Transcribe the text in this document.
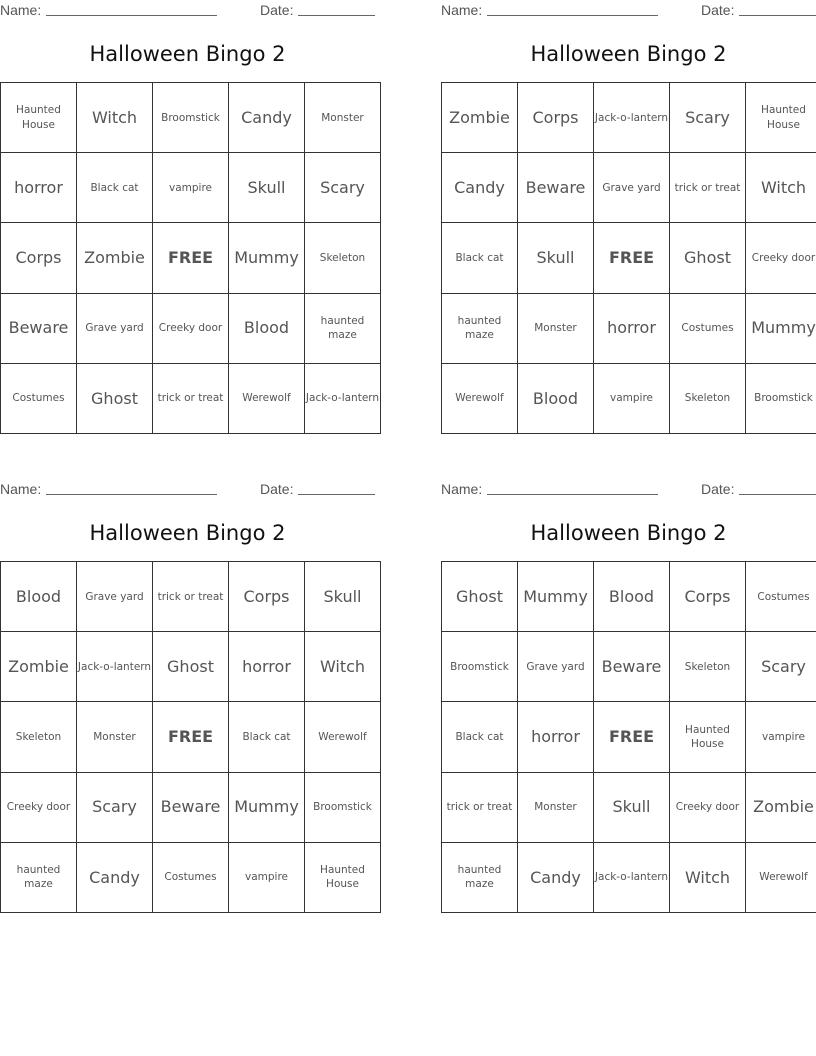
Name:	Date:
Halloween Bingo 2
Haunted House	Witch	Broomstick	Candy	Monster
horror	Black cat	vampire	Skull	Scary
Corps	Zombie	FREE	Mummy	Skeleton
Beware	Grave yard	Creeky door	Blood	haunted maze
Costumes	Ghost	trick or treat	Werewolf	Jack-o-lantern
Name:	Date:
Halloween Bingo 2
Zombie	Corps	Jack-o-lantern	Scary	Haunted House
Candy	Beware	Grave yard	trick or treat	Witch
Black cat	Skull	FREE	Ghost	Creeky door
haunted maze	Monster	horror	Costumes	Mummy
Werewolf	Blood	vampire	Skeleton	Broomstick
Name:	Date:
Halloween Bingo 2
Blood	Grave yard	trick or treat	Corps	Skull
Zombie	Jack-o-lantern	Ghost	horror	Witch
Skeleton	Monster	FREE	Black cat	Werewolf
Creeky door	Scary	Beware	Mummy	Broomstick
haunted maze	Candy	Costumes	vampire	Haunted House
Name:	Date:
Halloween Bingo 2
Ghost	Mummy	Blood	Corps	Costumes
Broomstick	Grave yard	Beware	Skeleton	Scary
Black cat	horror	FREE	Haunted House	vampire
trick or treat	Monster	Skull	Creeky door	Zombie
haunted maze	Candy	Jack-o-lantern	Witch	Werewolf
